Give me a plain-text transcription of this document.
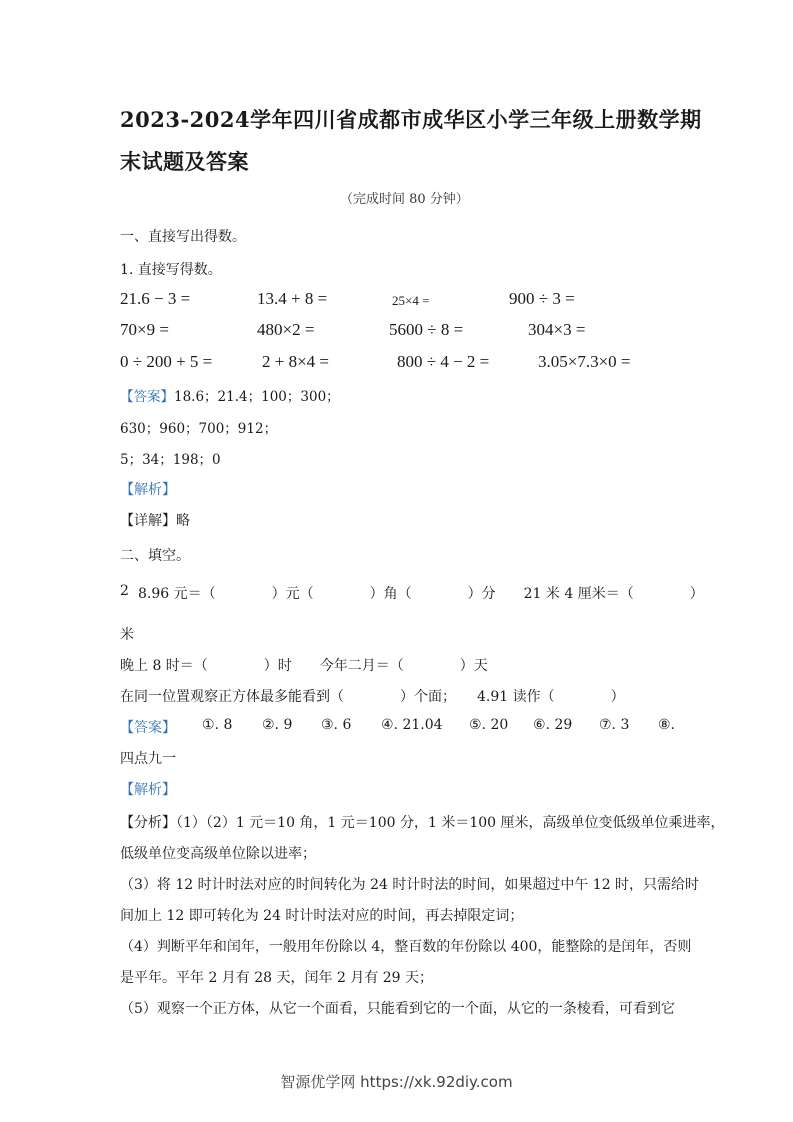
2023-2024学年四川省成都市成华区小学三年级上册数学期
末试题及答案
（完成时间 80 分钟）
一、直接写出得数。
1. 直接写得数。
21.6 − 3 =	13.4 + 8 =	25×4 =	900 ÷ 3 =
70×9 =	480×2 =	5600 ÷ 8 =	304×3 =
0 ÷ 200 + 5 =	2 + 8×4 =	800 ÷ 4 − 2 =	3.05×7.3×0 =
【答案】18.6；21.4；100；300；
630；960；700；912；
5；34；198；0
【解析】
【详解】略
二、填空。
2 8.96 元＝（　　　　）元（　　　　）角（　　　　）分　　21 米 4 厘米＝（　　　　）
米
晚上 8 时＝（　　　　）时　　今年二月＝（　　　　）天
在同一位置观察正方体最多能看到（　　　　）个面；　　4.91 读作（　　　　）
【答案】	①. 8 ②. 9 ③. 6 ④. 21.04 ⑤. 20 ⑥. 29 ⑦. 3 ⑧.
四点九一
【解析】
【分析】（1）（2）1 元＝10 角，1 元＝100 分，1 米＝100 厘米，高级单位变低级单位乘进率，
低级单位变高级单位除以进率；
（3）将 12 时计时法对应的时间转化为 24 时计时法的时间，如果超过中午 12 时，只需给时
间加上 12 即可转化为 24 时计时法对应的时间，再去掉限定词；
（4）判断平年和闰年，一般用年份除以 4，整百数的年份除以 400，能整除的是闰年，否则
是平年。平年 2 月有 28 天，闰年 2 月有 29 天；
（5）观察一个正方体，从它一个面看，只能看到它的一个面，从它的一条棱看，可看到它
智源优学网 https://xk.92diy.com
